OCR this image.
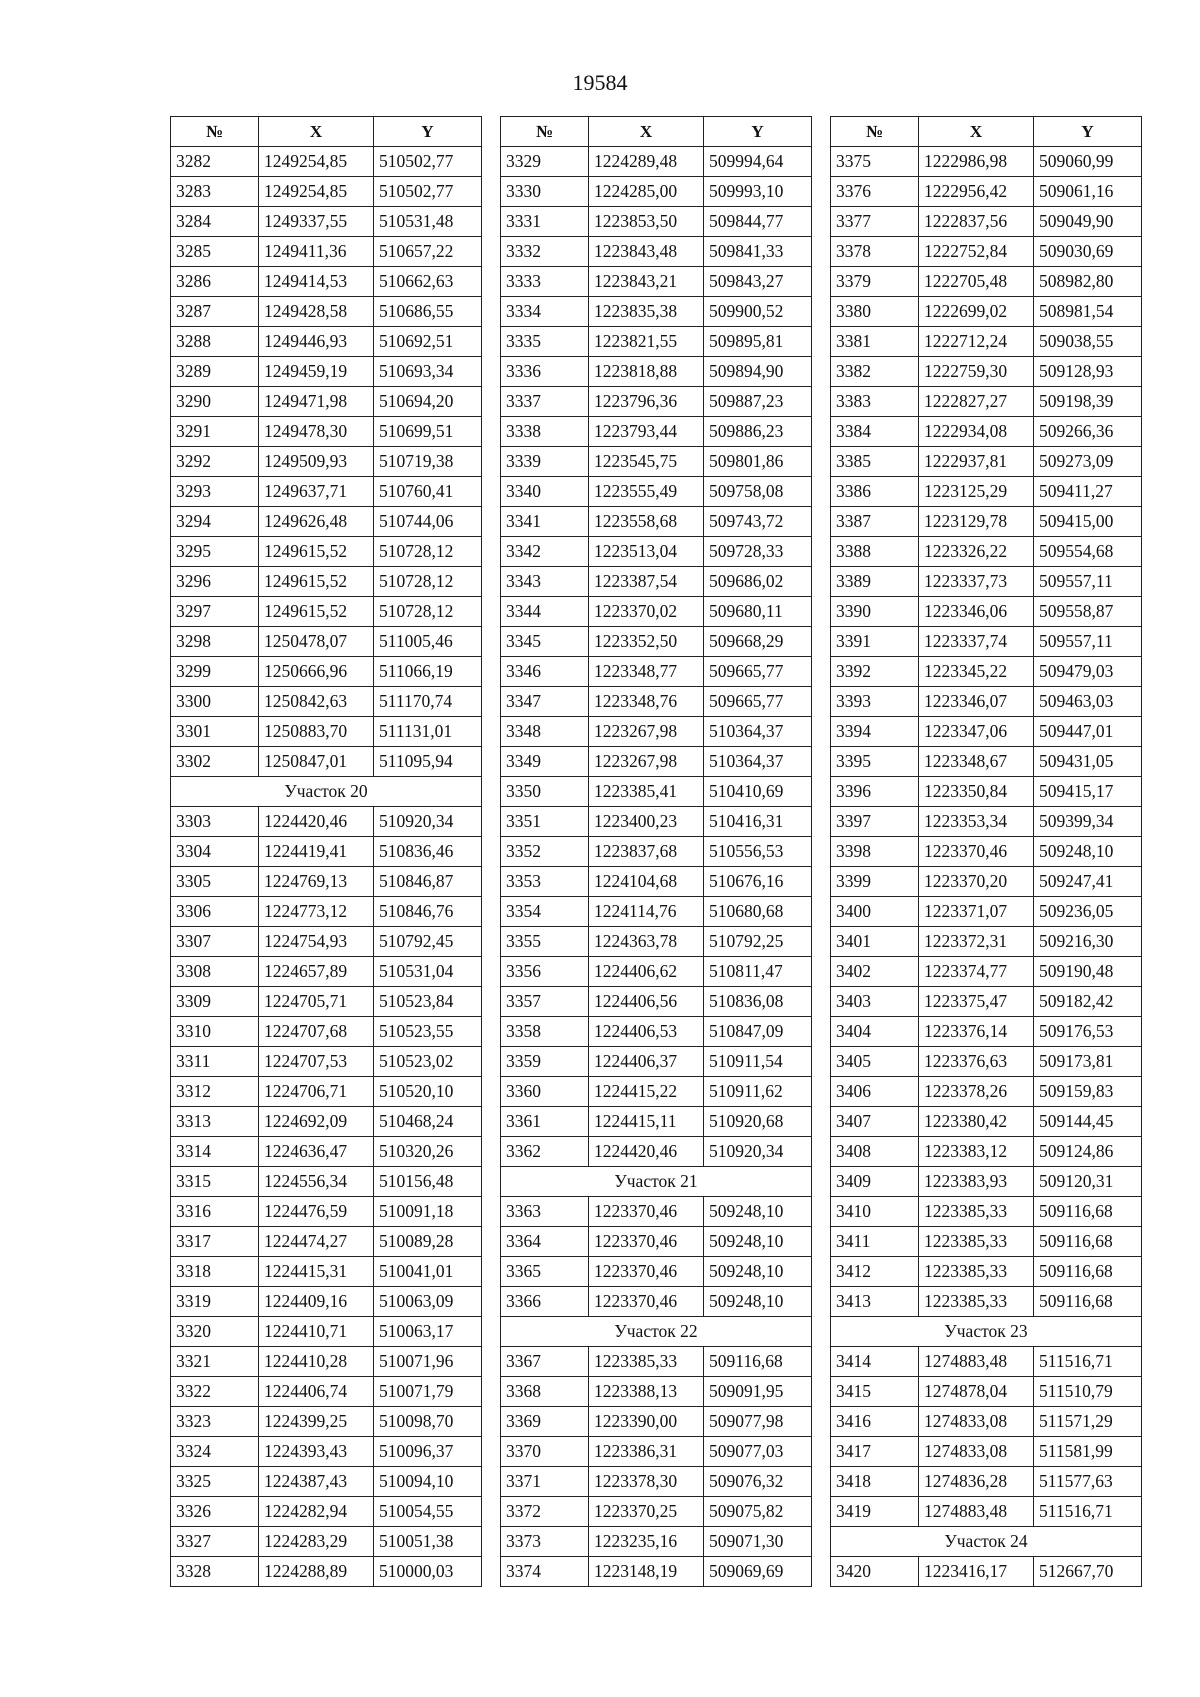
19584
№	X	Y
3282	1249254,85	510502,77
3283	1249254,85	510502,77
3284	1249337,55	510531,48
3285	1249411,36	510657,22
3286	1249414,53	510662,63
3287	1249428,58	510686,55
3288	1249446,93	510692,51
3289	1249459,19	510693,34
3290	1249471,98	510694,20
3291	1249478,30	510699,51
3292	1249509,93	510719,38
3293	1249637,71	510760,41
3294	1249626,48	510744,06
3295	1249615,52	510728,12
3296	1249615,52	510728,12
3297	1249615,52	510728,12
3298	1250478,07	511005,46
3299	1250666,96	511066,19
3300	1250842,63	511170,74
3301	1250883,70	511131,01
3302	1250847,01	511095,94
Участок 20		
3303	1224420,46	510920,34
3304	1224419,41	510836,46
3305	1224769,13	510846,87
3306	1224773,12	510846,76
3307	1224754,93	510792,45
3308	1224657,89	510531,04
3309	1224705,71	510523,84
3310	1224707,68	510523,55
3311	1224707,53	510523,02
3312	1224706,71	510520,10
3313	1224692,09	510468,24
3314	1224636,47	510320,26
3315	1224556,34	510156,48
3316	1224476,59	510091,18
3317	1224474,27	510089,28
3318	1224415,31	510041,01
3319	1224409,16	510063,09
3320	1224410,71	510063,17
3321	1224410,28	510071,96
3322	1224406,74	510071,79
3323	1224399,25	510098,70
3324	1224393,43	510096,37
3325	1224387,43	510094,10
3326	1224282,94	510054,55
3327	1224283,29	510051,38
3328	1224288,89	510000,03
№	X	Y
3329	1224289,48	509994,64
3330	1224285,00	509993,10
3331	1223853,50	509844,77
3332	1223843,48	509841,33
3333	1223843,21	509843,27
3334	1223835,38	509900,52
3335	1223821,55	509895,81
3336	1223818,88	509894,90
3337	1223796,36	509887,23
3338	1223793,44	509886,23
3339	1223545,75	509801,86
3340	1223555,49	509758,08
3341	1223558,68	509743,72
3342	1223513,04	509728,33
3343	1223387,54	509686,02
3344	1223370,02	509680,11
3345	1223352,50	509668,29
3346	1223348,77	509665,77
3347	1223348,76	509665,77
3348	1223267,98	510364,37
3349	1223267,98	510364,37
3350	1223385,41	510410,69
3351	1223400,23	510416,31
3352	1223837,68	510556,53
3353	1224104,68	510676,16
3354	1224114,76	510680,68
3355	1224363,78	510792,25
3356	1224406,62	510811,47
3357	1224406,56	510836,08
3358	1224406,53	510847,09
3359	1224406,37	510911,54
3360	1224415,22	510911,62
3361	1224415,11	510920,68
3362	1224420,46	510920,34
Участок 21		
3363	1223370,46	509248,10
3364	1223370,46	509248,10
3365	1223370,46	509248,10
3366	1223370,46	509248,10
Участок 22		
3367	1223385,33	509116,68
3368	1223388,13	509091,95
3369	1223390,00	509077,98
3370	1223386,31	509077,03
3371	1223378,30	509076,32
3372	1223370,25	509075,82
3373	1223235,16	509071,30
3374	1223148,19	509069,69
№	X	Y
3375	1222986,98	509060,99
3376	1222956,42	509061,16
3377	1222837,56	509049,90
3378	1222752,84	509030,69
3379	1222705,48	508982,80
3380	1222699,02	508981,54
3381	1222712,24	509038,55
3382	1222759,30	509128,93
3383	1222827,27	509198,39
3384	1222934,08	509266,36
3385	1222937,81	509273,09
3386	1223125,29	509411,27
3387	1223129,78	509415,00
3388	1223326,22	509554,68
3389	1223337,73	509557,11
3390	1223346,06	509558,87
3391	1223337,74	509557,11
3392	1223345,22	509479,03
3393	1223346,07	509463,03
3394	1223347,06	509447,01
3395	1223348,67	509431,05
3396	1223350,84	509415,17
3397	1223353,34	509399,34
3398	1223370,46	509248,10
3399	1223370,20	509247,41
3400	1223371,07	509236,05
3401	1223372,31	509216,30
3402	1223374,77	509190,48
3403	1223375,47	509182,42
3404	1223376,14	509176,53
3405	1223376,63	509173,81
3406	1223378,26	509159,83
3407	1223380,42	509144,45
3408	1223383,12	509124,86
3409	1223383,93	509120,31
3410	1223385,33	509116,68
3411	1223385,33	509116,68
3412	1223385,33	509116,68
3413	1223385,33	509116,68
Участок 23		
3414	1274883,48	511516,71
3415	1274878,04	511510,79
3416	1274833,08	511571,29
3417	1274833,08	511581,99
3418	1274836,28	511577,63
3419	1274883,48	511516,71
Участок 24		
3420	1223416,17	512667,70
